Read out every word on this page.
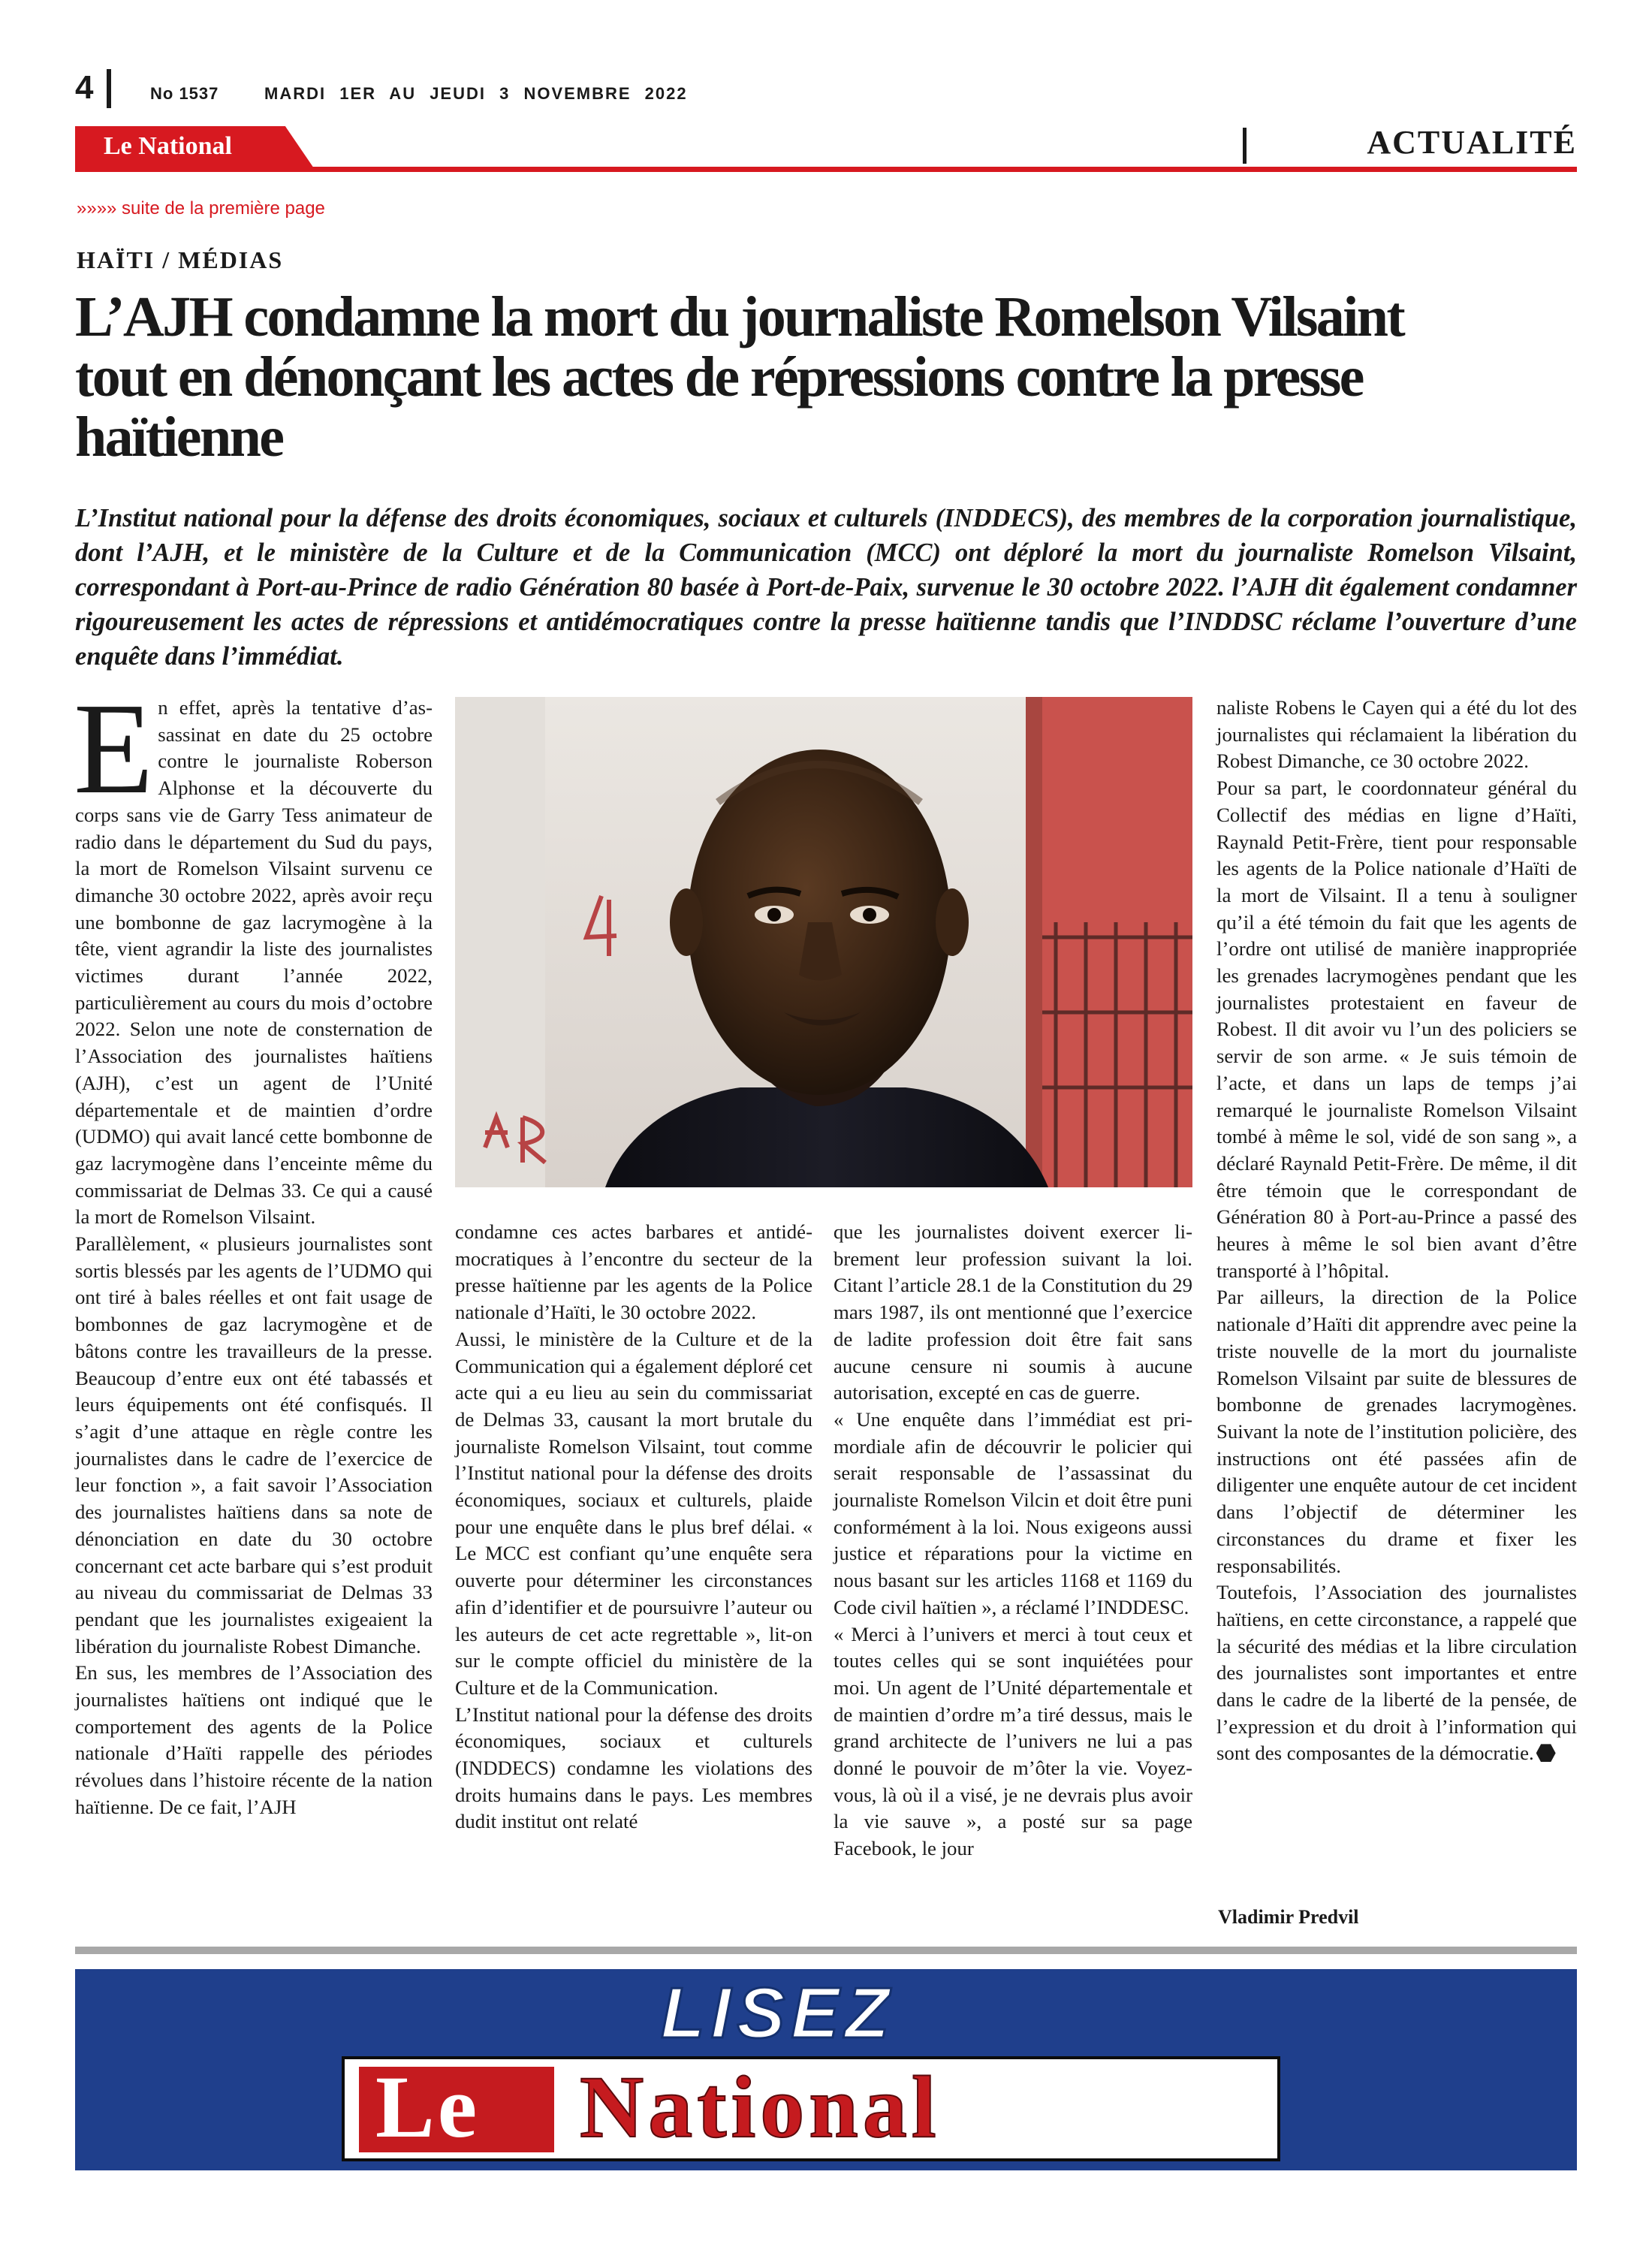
4	No 1537	MARDI 1ER AU JEUDI 3 NOVEMBRE 2022
Le National	ACTUALITÉ
»»»» suite de la première page
HAÏTI / MÉDIAS
L’AJH condamne la mort du journaliste Romelson Vilsaint
tout en dénonçant les actes de répressions contre la presse
haïtienne
L’Institut national pour la défense des droits économiques, sociaux et culturels (INDDECS), des membres de la corporation journalistique, dont l’AJH, et le ministère de la Culture et de la Communication (MCC) ont déploré la mort du journaliste Romelson Vilsaint, correspondant à Port-au-Prince de radio Génération 80 basée à Port-de-Paix, survenue le 30 octobre 2022. l’AJH dit également condamner rigoureusement les actes de répressions et antidémocratiques contre la presse haïtienne tandis que l’INDDSC réclame l’ouverture d’une enquête dans l’immédiat.

En effet, après la tentative d’assassinat en date du 25 octobre contre le journaliste Roberson Alphonse et la découverte du corps sans vie de Garry Tess animateur de radio dans le département du Sud du pays, la mort de Romelson Vilsaint survenu ce dimanche 30 octobre 2022, après avoir reçu une bombonne de gaz lacrymogène à la tête, vient agrandir la liste des journalistes victimes durant l’année 2022, particulièrement au cours du mois d’octobre 2022. Selon une note de consternation de l’Association des journalistes haïtiens (AJH), c’est un agent de l’Unité départementale et de maintien d’ordre (UDMO) qui avait lancé cette bombonne de gaz lacrymogène dans l’enceinte même du commissariat de Delmas 33. Ce qui a causé la mort de Romelson Vilsaint.

Parallèlement, « plusieurs journalistes sont sortis blessés par les agents de l’UDMO qui ont tiré à bales réelles et ont fait usage de bombonnes de gaz lacrymogène et de bâtons contre les travailleurs de la presse. Beaucoup d’entre eux ont été tabassés et leurs équipements ont été confisqués. Il s’agit d’une attaque en règle contre les journalistes dans le cadre de l’exercice de leur fonction », a fait savoir l’Association des journalistes haïtiens dans sa note de dénonciation en date du 30 octobre concernant cet acte barbare qui s’est produit au niveau du commissariat de Delmas 33 pendant que les journalistes exigeaient la libération du journaliste Robest Dimanche.

En sus, les membres de l’Association des journalistes haïtiens ont indiqué que le comportement des agents de la Police nationale d’Haïti rappelle des périodes révolues dans l’histoire récente de la nation haïtienne. De ce fait, l’AJH

condamne ces actes barbares et antidémocratiques à l’encontre du secteur de la presse haïtienne par les agents de la Police nationale d’Haïti, le 30 octobre 2022.

Aussi, le ministère de la Culture et de la Communication qui a également déploré cet acte qui a eu lieu au sein du commissariat de Delmas 33, causant la mort brutale du journaliste Romelson Vilsaint, tout comme l’Institut national pour la défense des droits économiques, sociaux et culturels, plaide pour une enquête dans le plus bref délai. « Le MCC est confiant qu’une enquête sera ouverte pour déterminer les circonstances afin d’identifier et de poursuivre l’auteur ou les auteurs de cet acte regrettable », lit-on sur le compte officiel du ministère de la Culture et de la Communication.

L’Institut national pour la défense des droits économiques, sociaux et culturels (INDDECS) condamne les violations des droits humains dans le pays. Les membres dudit institut ont relaté

que les journalistes doivent exercer librement leur profession suivant la loi. Citant l’article 28.1 de la Constitution du 29 mars 1987, ils ont mentionné que l’exercice de ladite profession doit être fait sans aucune censure ni soumis à aucune autorisation, excepté en cas de guerre.

« Une enquête dans l’immédiat est primordiale afin de découvrir le policier qui serait responsable de l’assassinat du journaliste Romelson Vilcin et doit être puni conformément à la loi. Nous exigeons aussi justice et réparations pour la victime en nous basant sur les articles 1168 et 1169 du Code civil haïtien », a réclamé l’INDDESC.

« Merci à l’univers et merci à tout ceux et toutes celles qui se sont inquiétées pour moi. Un agent de l’Unité départementale et de maintien d’ordre m’a tiré dessus, mais le grand architecte de l’univers ne lui a pas donné le pouvoir de m’ôter la vie. Voyez-vous, là où il a visé, je ne devrais plus avoir la vie sauve », a posté sur sa page Facebook, le jour

naliste Robens le Cayen qui a été du lot des journalistes qui réclamaient la libération du Robest Dimanche, ce 30 octobre 2022.

Pour sa part, le coordonnateur général du Collectif des médias en ligne d’Haïti, Raynald Petit-Frère, tient pour responsable les agents de la Police nationale d’Haïti de la mort de Vilsaint. Il a tenu à souligner qu’il a été témoin du fait que les agents de l’ordre ont utilisé de manière inappropriée les grenades lacrymogènes pendant que les journalistes protestaient en faveur de Robest. Il dit avoir vu l’un des policiers se servir de son arme. « Je suis témoin de l’acte, et dans un laps de temps j’ai remarqué le journaliste Romelson Vilsaint tombé à même le sol, vidé de son sang », a déclaré Raynald Petit-Frère. De même, il dit être témoin que le correspondant de Génération 80 à Port-au-Prince a passé des heures à même le sol bien avant d’être transporté à l’hôpital.

Par ailleurs, la direction de la Police nationale d’Haïti dit apprendre avec peine la triste nouvelle de la mort du journaliste Romelson Vilsaint par suite de blessures de bombonne de grenades lacrymogènes. Suivant la note de l’institution policière, des instructions ont été passées afin de diligenter une enquête autour de cet incident dans l’objectif de déterminer les circonstances du drame et fixer les responsabilités.

Toutefois, l’Association des journalistes haïtiens, en cette circonstance, a rappelé que la sécurité des médias et la libre circulation des journalistes sont importantes et entre dans le cadre de la liberté de la pensée, de l’expression et du droit à l’information qui sont des composantes de la démocratie.

Vladimir Predvil
LISEZ
Le National
